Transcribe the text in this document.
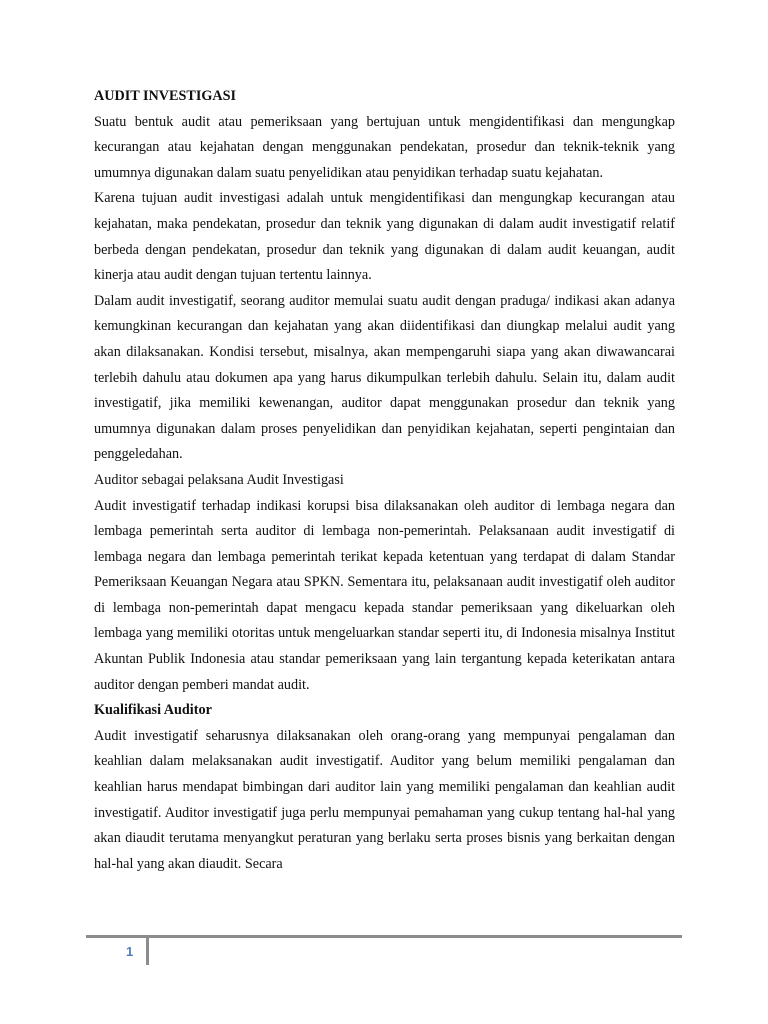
AUDIT INVESTIGASI

Suatu bentuk audit atau pemeriksaan yang bertujuan untuk mengidentifikasi dan mengungkap kecurangan atau kejahatan dengan menggunakan pendekatan, prosedur dan teknik-teknik yang umumnya digunakan dalam suatu penyelidikan atau penyidikan terhadap suatu kejahatan.

Karena tujuan audit investigasi adalah untuk mengidentifikasi dan mengungkap kecurangan atau kejahatan, maka pendekatan, prosedur dan teknik yang digunakan di dalam audit investigatif relatif berbeda dengan pendekatan, prosedur dan teknik yang digunakan di dalam audit keuangan, audit kinerja atau audit dengan tujuan tertentu lainnya.

Dalam audit investigatif, seorang auditor memulai suatu audit dengan praduga/ indikasi akan adanya kemungkinan kecurangan dan kejahatan yang akan diidentifikasi dan diungkap melalui audit yang akan dilaksanakan. Kondisi tersebut, misalnya, akan mempengaruhi siapa yang akan diwawancarai terlebih dahulu atau dokumen apa yang harus dikumpulkan terlebih dahulu. Selain itu, dalam audit investigatif, jika memiliki kewenangan, auditor dapat menggunakan prosedur dan teknik yang umumnya digunakan dalam proses penyelidikan dan penyidikan kejahatan, seperti pengintaian dan penggeledahan.

Auditor sebagai pelaksana Audit Investigasi

Audit investigatif terhadap indikasi korupsi bisa dilaksanakan oleh auditor di lembaga negara dan lembaga pemerintah serta auditor di lembaga non-pemerintah. Pelaksanaan audit investigatif di lembaga negara dan lembaga pemerintah terikat kepada ketentuan yang terdapat di dalam Standar Pemeriksaan Keuangan Negara atau SPKN. Sementara itu, pelaksanaan audit investigatif oleh auditor di lembaga non-pemerintah dapat mengacu kepada standar pemeriksaan yang dikeluarkan oleh lembaga yang memiliki otoritas untuk mengeluarkan standar seperti itu, di Indonesia misalnya Institut Akuntan Publik Indonesia atau standar pemeriksaan yang lain tergantung kepada keterikatan antara auditor dengan pemberi mandat audit.

Kualifikasi Auditor

Audit investigatif seharusnya dilaksanakan oleh orang-orang yang mempunyai pengalaman dan keahlian dalam melaksanakan audit investigatif. Auditor yang belum memiliki pengalaman dan keahlian harus mendapat bimbingan dari auditor lain yang memiliki pengalaman dan keahlian audit investigatif. Auditor investigatif juga perlu mempunyai pemahaman yang cukup tentang hal-hal yang akan diaudit terutama menyangkut peraturan yang berlaku serta proses bisnis yang berkaitan dengan hal-hal yang akan diaudit. Secara

1
